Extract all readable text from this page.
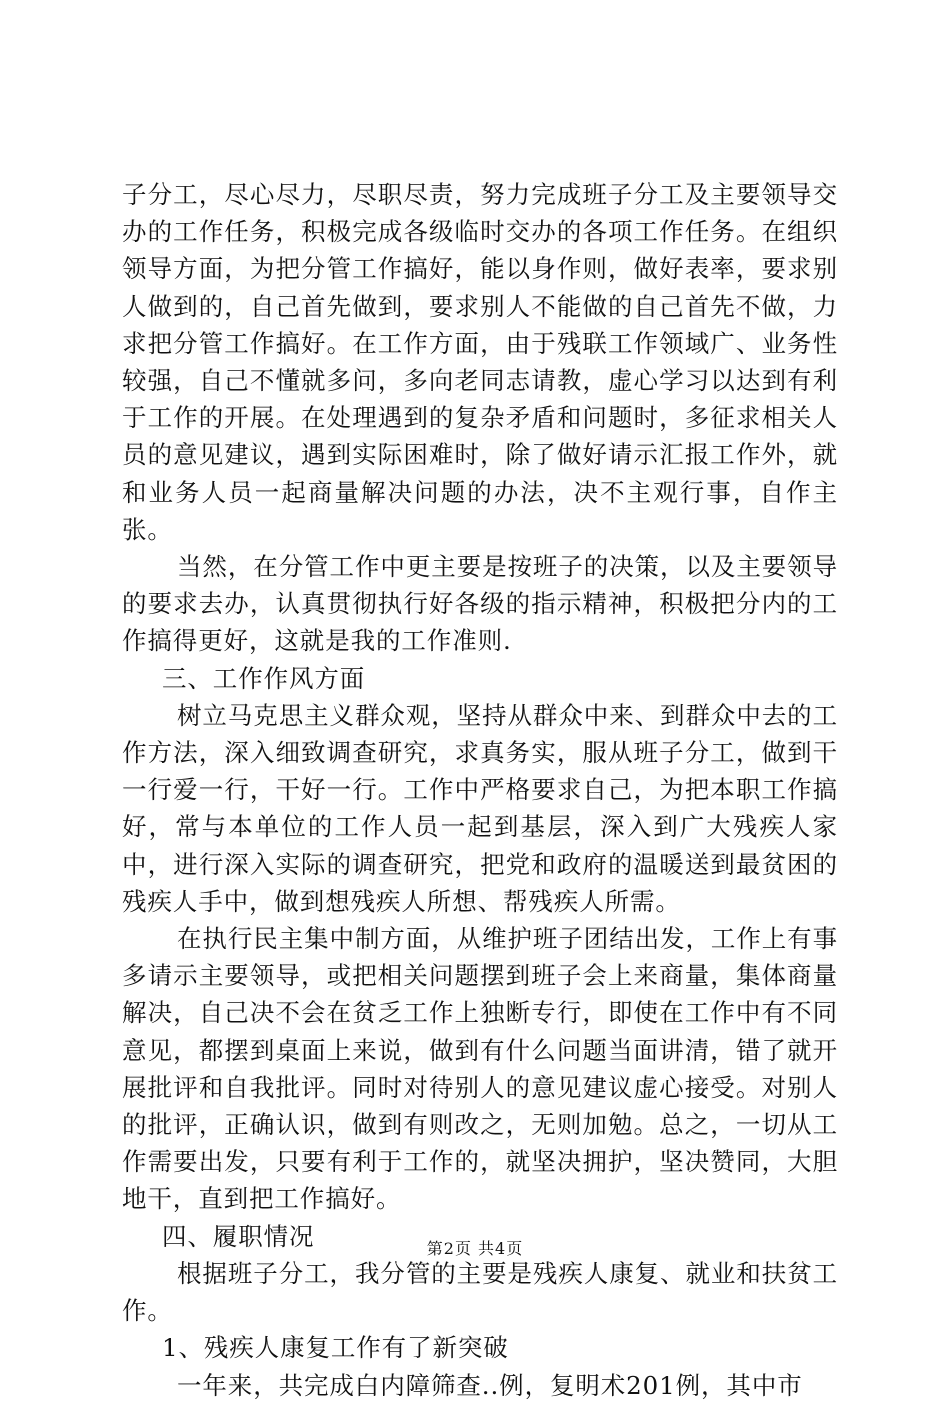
子分工，尽心尽力，尽职尽责，努力完成班子分工及主要领导交办的工作任务，积极完成各级临时交办的各项工作任务。在组织领导方面，为把分管工作搞好，能以身作则，做好表率，要求别人做到的，自己首先做到，要求别人不能做的自己首先不做，力求把分管工作搞好。在工作方面，由于残联工作领域广、业务性较强，自己不懂就多问，多向老同志请教，虚心学习以达到有利于工作的开展。在处理遇到的复杂矛盾和问题时，多征求相关人员的意见建议，遇到实际困难时，除了做好请示汇报工作外，就和业务人员一起商量解决问题的办法，决不主观行事，自作主张。

当然，在分管工作中更主要是按班子的决策，以及主要领导的要求去办，认真贯彻执行好各级的指示精神，积极把分内的工作搞得更好，这就是我的工作准则.

三、工作作风方面

树立马克思主义群众观，坚持从群众中来、到群众中去的工作方法，深入细致调查研究，求真务实，服从班子分工，做到干一行爱一行，干好一行。工作中严格要求自己，为把本职工作搞好，常与本单位的工作人员一起到基层，深入到广大残疾人家中，进行深入实际的调查研究，把党和政府的温暖送到最贫困的残疾人手中，做到想残疾人所想、帮残疾人所需。

在执行民主集中制方面，从维护班子团结出发，工作上有事多请示主要领导，或把相关问题摆到班子会上来商量，集体商量解决，自己决不会在贫乏工作上独断专行，即使在工作中有不同意见，都摆到桌面上来说，做到有什么问题当面讲清，错了就开展批评和自我批评。同时对待别人的意见建议虚心接受。对别人的批评，正确认识，做到有则改之，无则加勉。总之，一切从工作需要出发，只要有利于工作的，就坚决拥护，坚决赞同，大胆地干，直到把工作搞好。

四、履职情况

根据班子分工，我分管的主要是残疾人康复、就业和扶贫工作。

1、残疾人康复工作有了新突破

一年来，共完成白内障筛查..例，复明术201例，其中市

第2页 共4页
